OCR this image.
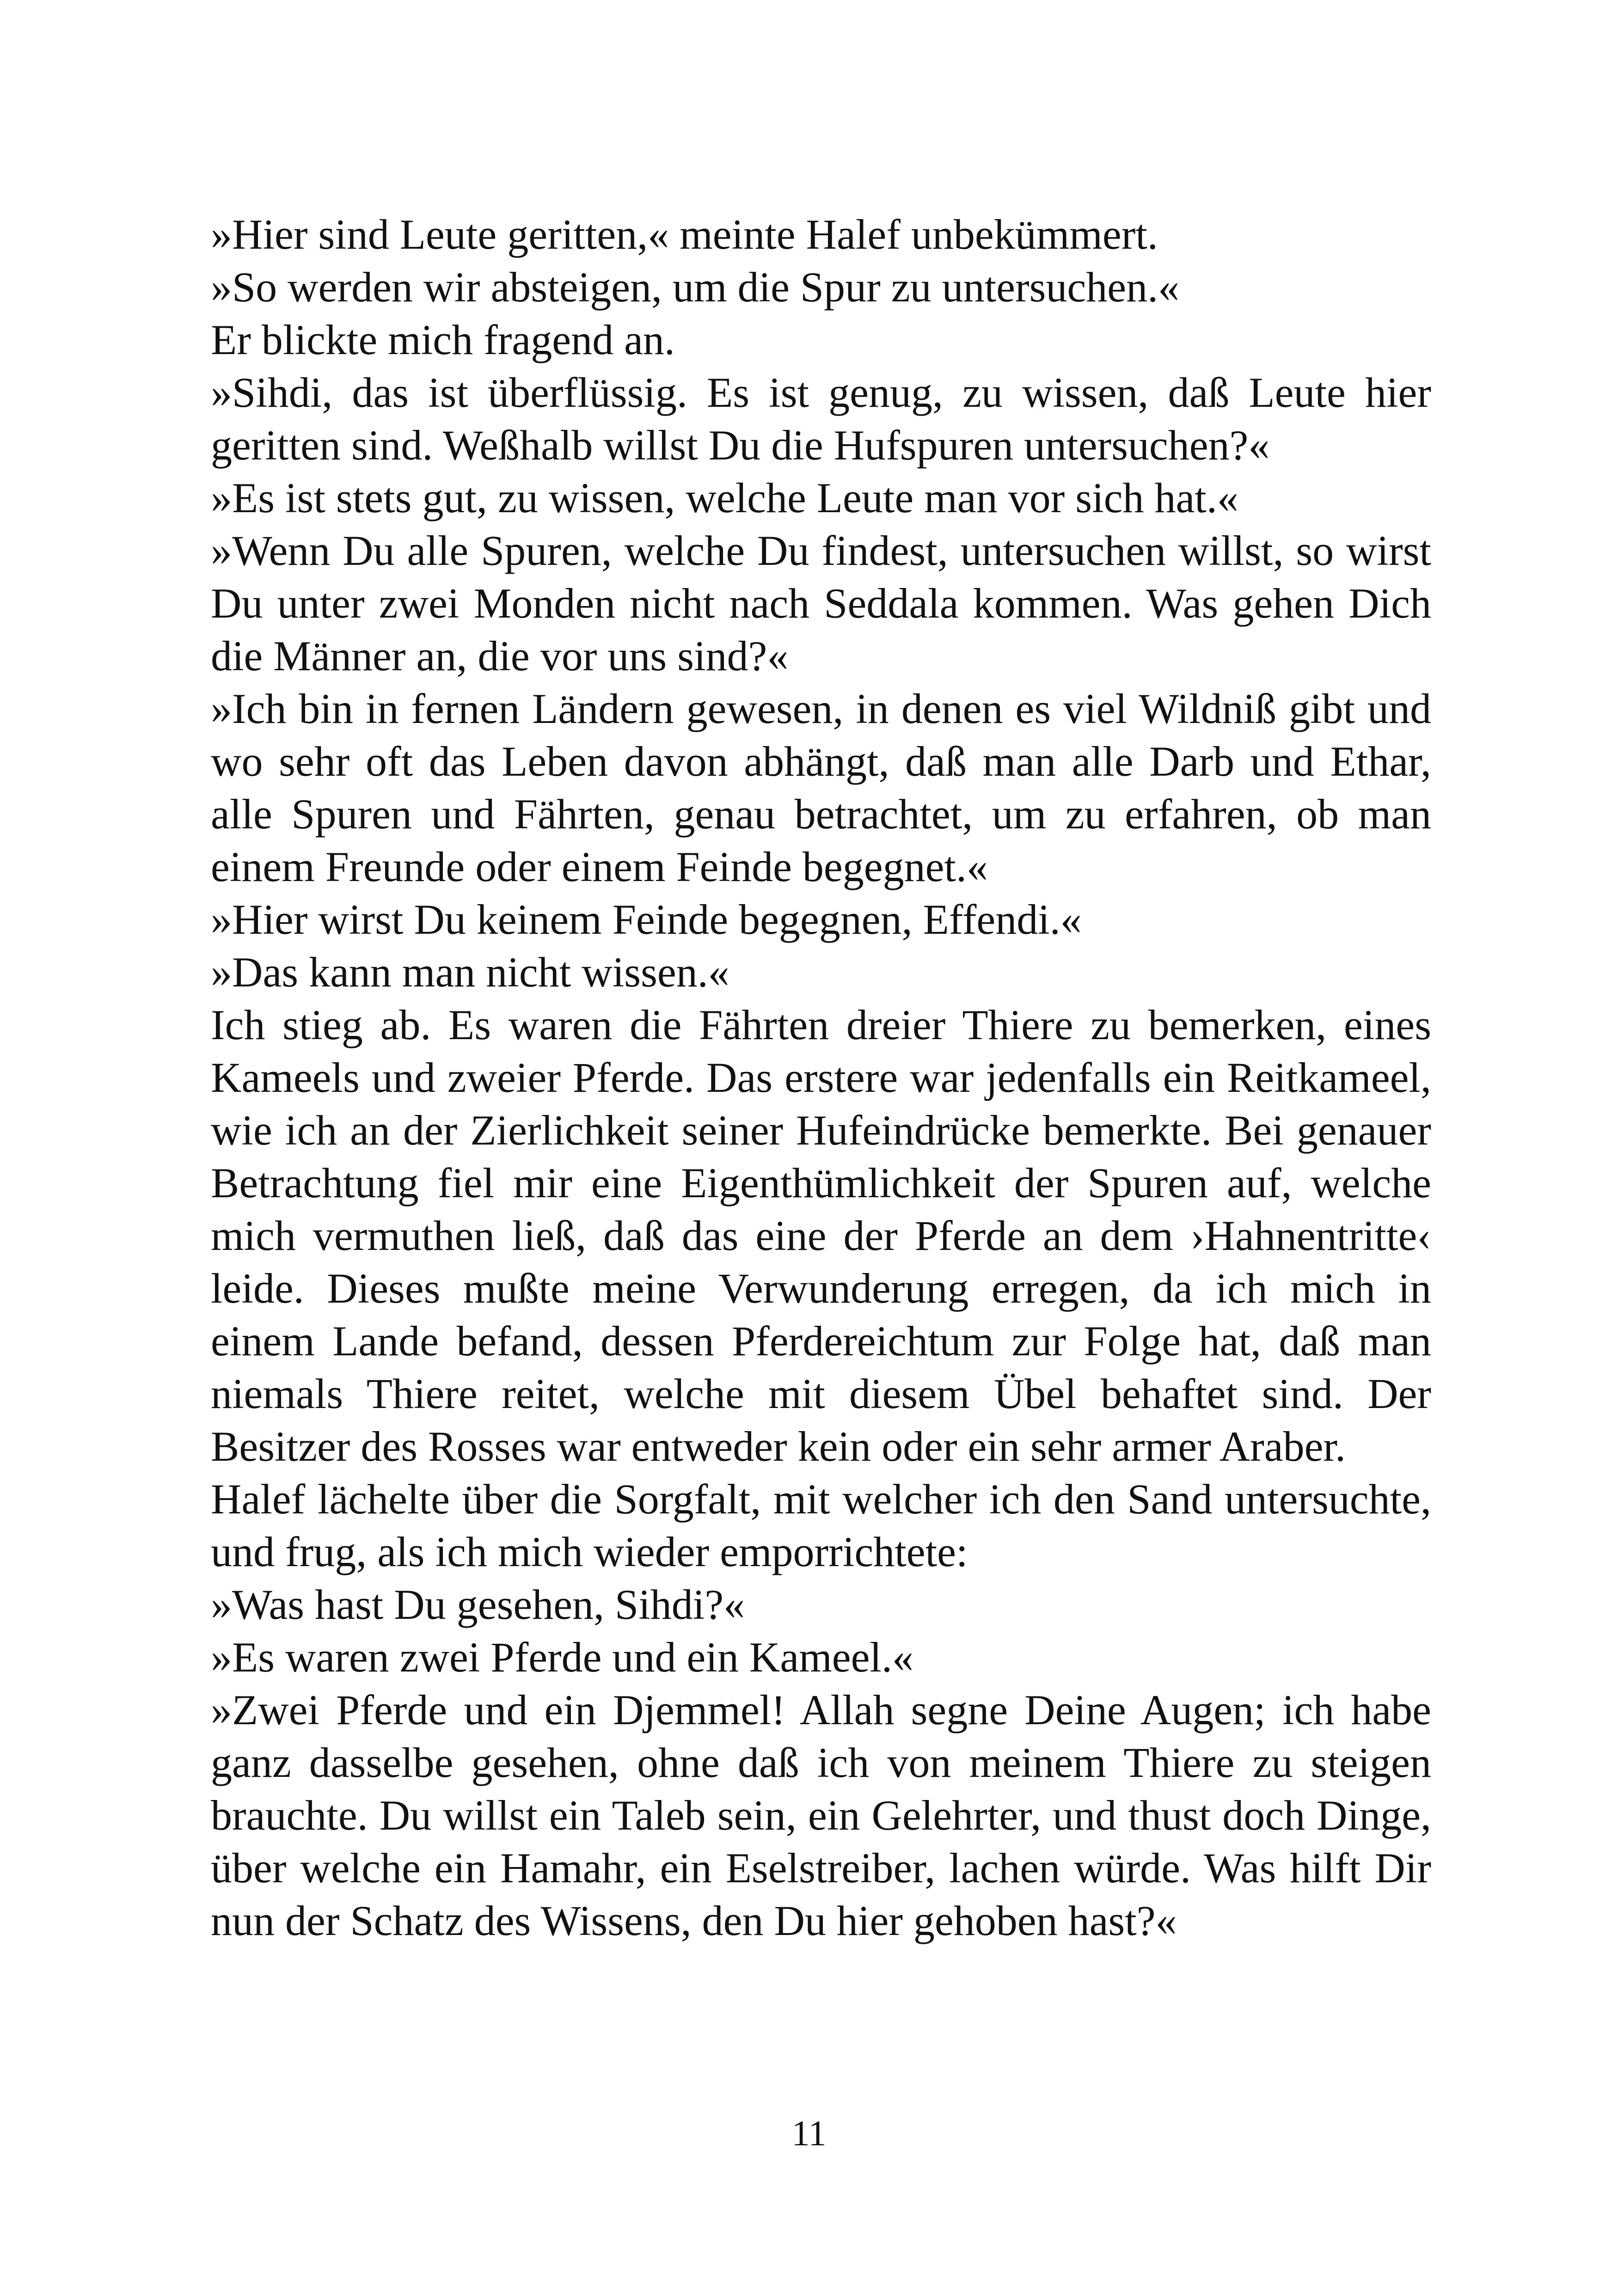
»Hier sind Leute geritten,« meinte Halef unbekümmert.

»So werden wir absteigen, um die Spur zu untersuchen.«

Er blickte mich fragend an.

»Sihdi, das ist überflüssig. Es ist genug, zu wissen, daß Leute hier geritten sind. Weßhalb willst Du die Hufspuren untersuchen?«

»Es ist stets gut, zu wissen, welche Leute man vor sich hat.«

»Wenn Du alle Spuren, welche Du findest, untersuchen willst, so wirst Du unter zwei Monden nicht nach Seddala kommen. Was gehen Dich die Männer an, die vor uns sind?«

»Ich bin in fernen Ländern gewesen, in denen es viel Wildniß gibt und wo sehr oft das Leben davon abhängt, daß man alle Darb und Ethar, alle Spuren und Fährten, genau betrachtet, um zu erfahren, ob man einem Freunde oder einem Feinde begegnet.«

»Hier wirst Du keinem Feinde begegnen, Effendi.«

»Das kann man nicht wissen.«

Ich stieg ab. Es waren die Fährten dreier Thiere zu bemerken, eines Kameels und zweier Pferde. Das erstere war jedenfalls ein Reitkameel, wie ich an der Zierlichkeit seiner Hufeindrücke bemerkte. Bei genauer Betrachtung fiel mir eine Eigenthümlichkeit der Spuren auf, welche mich vermuthen ließ, daß das eine der Pferde an dem ›Hahnentritte‹ leide. Dieses mußte meine Verwunderung erregen, da ich mich in einem Lande befand, dessen Pferdereichtum zur Folge hat, daß man niemals Thiere reitet, welche mit diesem Übel behaftet sind. Der Besitzer des Rosses war entweder kein oder ein sehr armer Araber.

Halef lächelte über die Sorgfalt, mit welcher ich den Sand untersuchte, und frug, als ich mich wieder emporrichtete:

»Was hast Du gesehen, Sihdi?«

»Es waren zwei Pferde und ein Kameel.«

»Zwei Pferde und ein Djemmel! Allah segne Deine Augen; ich habe ganz dasselbe gesehen, ohne daß ich von meinem Thiere zu steigen brauchte. Du willst ein Taleb sein, ein Gelehrter, und thust doch Dinge, über welche ein Hamahr, ein Eselstreiber, lachen würde. Was hilft Dir nun der Schatz des Wissens, den Du hier gehoben hast?«

11
